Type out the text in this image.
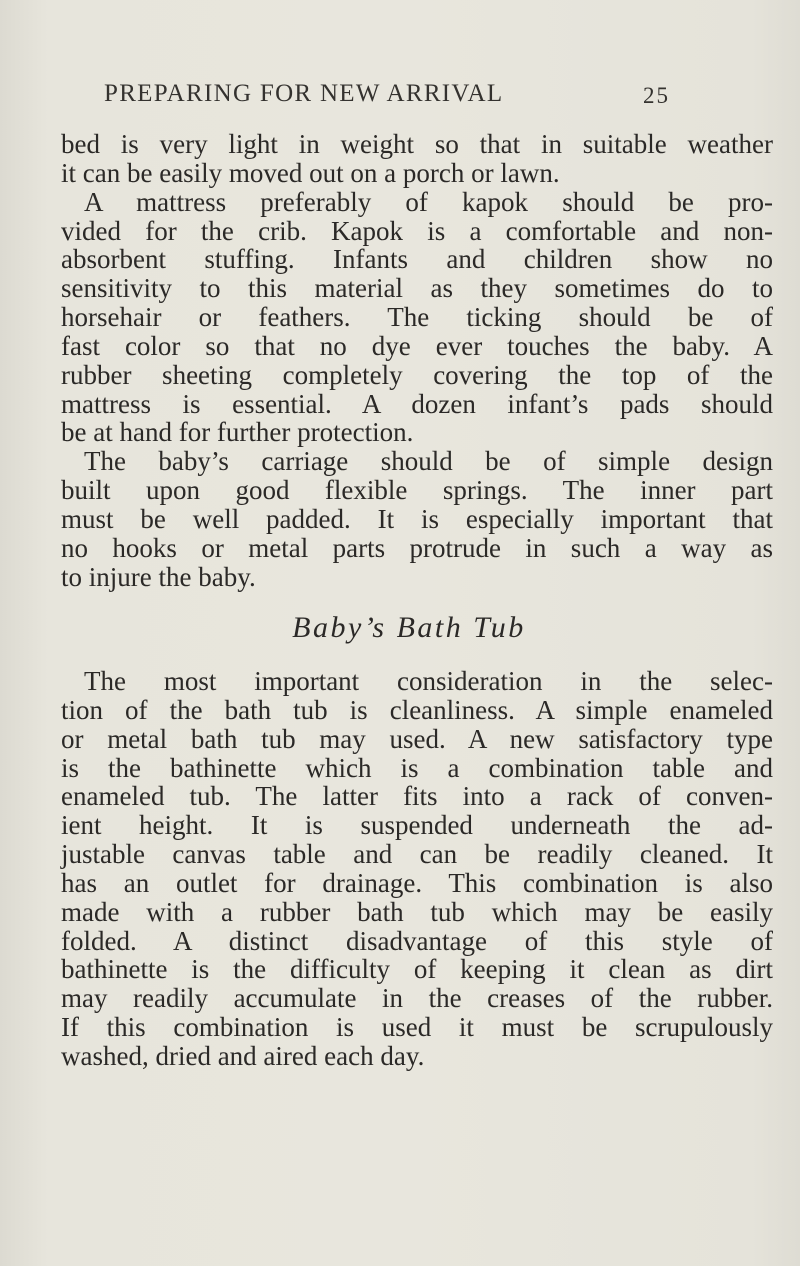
PREPARING FOR NEW ARRIVAL	25
bed is very light in weight so that in suitable weather
it can be easily moved out on a porch or lawn.
A mattress preferably of kapok should be pro-
vided for the crib. Kapok is a comfortable and non-
absorbent stuffing. Infants and children show no
sensitivity to this material as they sometimes do to
horsehair or feathers. The ticking should be of
fast color so that no dye ever touches the baby. A
rubber sheeting completely covering the top of the
mattress is essential. A dozen infant’s pads should
be at hand for further protection.
The baby’s carriage should be of simple design
built upon good flexible springs. The inner part
must be well padded. It is especially important that
no hooks or metal parts protrude in such a way as
to injure the baby.
Baby’s Bath Tub
The most important consideration in the selec-
tion of the bath tub is cleanliness. A simple enameled
or metal bath tub may used. A new satisfactory type
is the bathinette which is a combination table and
enameled tub. The latter fits into a rack of conven-
ient height. It is suspended underneath the ad-
justable canvas table and can be readily cleaned. It
has an outlet for drainage. This combination is also
made with a rubber bath tub which may be easily
folded. A distinct disadvantage of this style of
bathinette is the difficulty of keeping it clean as dirt
may readily accumulate in the creases of the rubber.
If this combination is used it must be scrupulously
washed, dried and aired each day.
